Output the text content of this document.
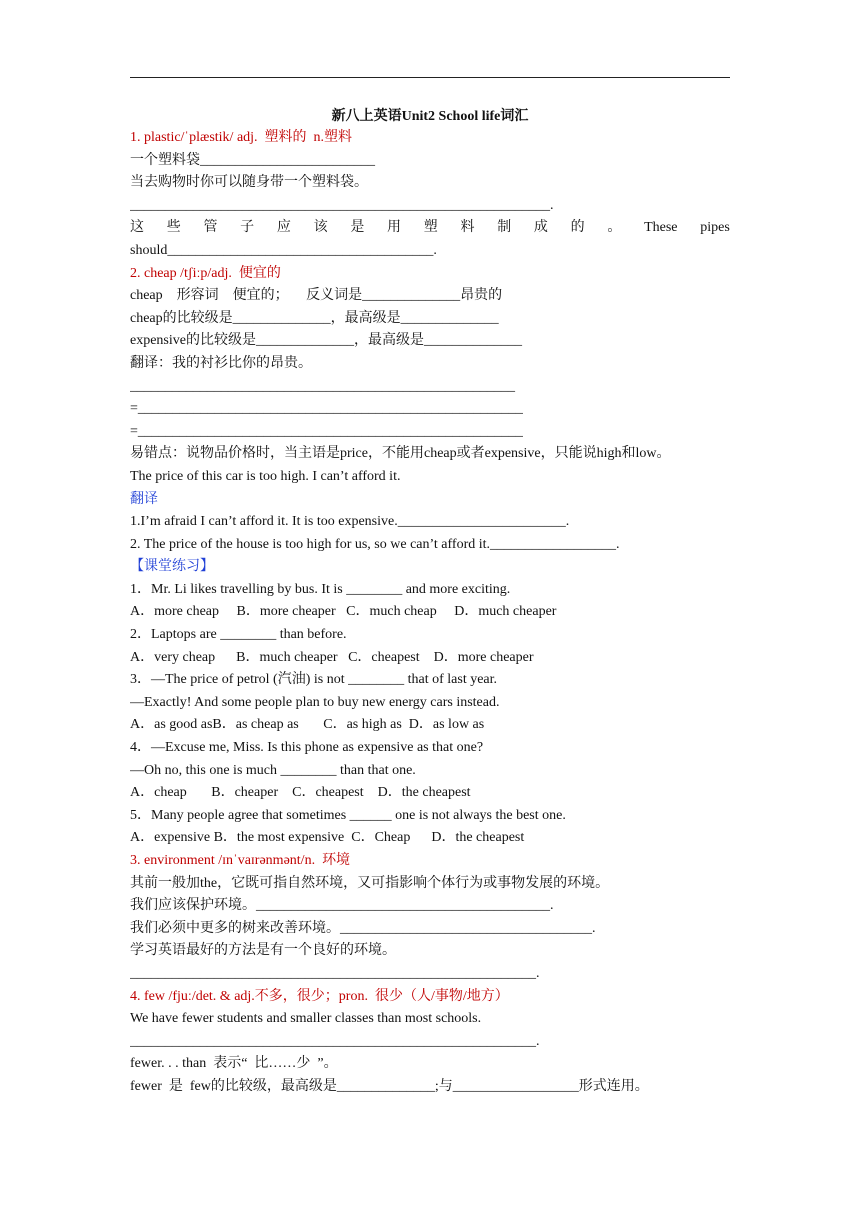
新八上英语Unit2 School life词汇
1. plastic/ˈplæstik/ adj.  塑料的  n.塑料
一个塑料袋_________________________
当去购物时你可以随身带一个塑料袋。
____________________________________________________________.
这 些 管 子 应 该 是 用 塑 料 制 成 的 。 These pipes
should______________________________________.
2. cheap /tʃiːp/adj.  便宜的
cheap    形容词    便宜的；     反义词是______________昂贵的
cheap的比较级是______________，最高级是______________
expensive的比较级是______________，最高级是______________
翻译：我的衬衫比你的昂贵。
_______________________________________________________
=_______________________________________________________
=_______________________________________________________
易错点：说物品价格时，当主语是price，不能用cheap或者expensive，只能说high和low。
The price of this car is too high. I can’t afford it.
翻译
1.I’m afraid I can’t afford it. It is too expensive.________________________.
2. The price of the house is too high for us, so we can’t afford it.__________________.
【课堂练习】
1．Mr. Li likes travelling by bus. It is ________ and more exciting.
A．more cheap     B．more cheaper   C．much cheap     D．much cheaper
2．Laptops are ________ than before.
A．very cheap      B．much cheaper   C．cheapest    D．more cheaper
3．—The price of petrol (汽油) is not ________ that of last year.
—Exactly! And some people plan to buy new energy cars instead.
A．as good asB．as cheap as       C．as high as  D．as low as
4．—Excuse me, Miss. Is this phone as expensive as that one?
—Oh no, this one is much ________ than that one.
A．cheap       B．cheaper    C．cheapest    D．the cheapest
5．Many people agree that sometimes ______ one is not always the best one.
A．expensive B．the most expensive  C．Cheap      D．the cheapest
3. environment /ɪnˈvaɪrənmənt/n.  环境
其前一般加the，它既可指自然环境，又可指影响个体行为或事物发展的环境。
我们应该保护环境。__________________________________________.
我们必须中更多的树来改善环境。____________________________________.
学习英语最好的方法是有一个良好的环境。
__________________________________________________________.
4. few /fjuː/det. & adj.不多，很少；pron.  很少（人/事物/地方）
We have fewer students and smaller classes than most schools.
__________________________________________________________.
fewer. . . than  表示“  比……少  ”。
fewer  是  few的比较级，最高级是______________;与__________________形式连用。
